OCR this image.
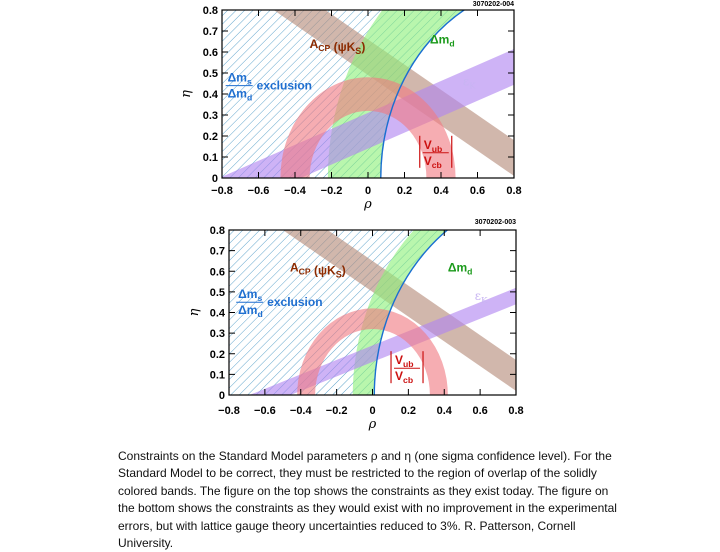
−0.8 −0.6 −0.4 −0.2 0 0.2 0.4 0.6 0.8
0
0.1
0.2
0.3
0.4
0.5
0.6
0.7
0.8
ρ
η
3070202-004
$A_{CP}$ $(\psi K_S)$
$\Delta m_d$
$\varepsilon_K$
$\Delta m_s$
$\Delta m_d$
exclusion
$V_{ub}$
$V_{cb}$
−0.8 −0.6 −0.4 −0.2 0 0.2 0.4 0.6 0.8
0
0.1
0.2
0.3
0.4
0.5
0.6
0.7
0.8
ρ
η
3070202-003
$A_{CP}$ $(\psi K_S)$	$\Delta m_d$
$\varepsilon_K$
$\Delta m_s$
$\Delta m_d$
exclusion
$V_{ub}$
$V_{cb}$

Constraints on the Standard Model parameters ρ and η (one sigma confidence level). For the Standard Model to be correct, they must be restricted to the region of overlap of the solidly colored bands. The figure on the top shows the constraints as they exist today. The figure on the bottom shows the constraints as they would exist with no improvement in the experimental errors, but with lattice gauge theory uncertainties reduced to 3%. R. Patterson, Cornell University.
